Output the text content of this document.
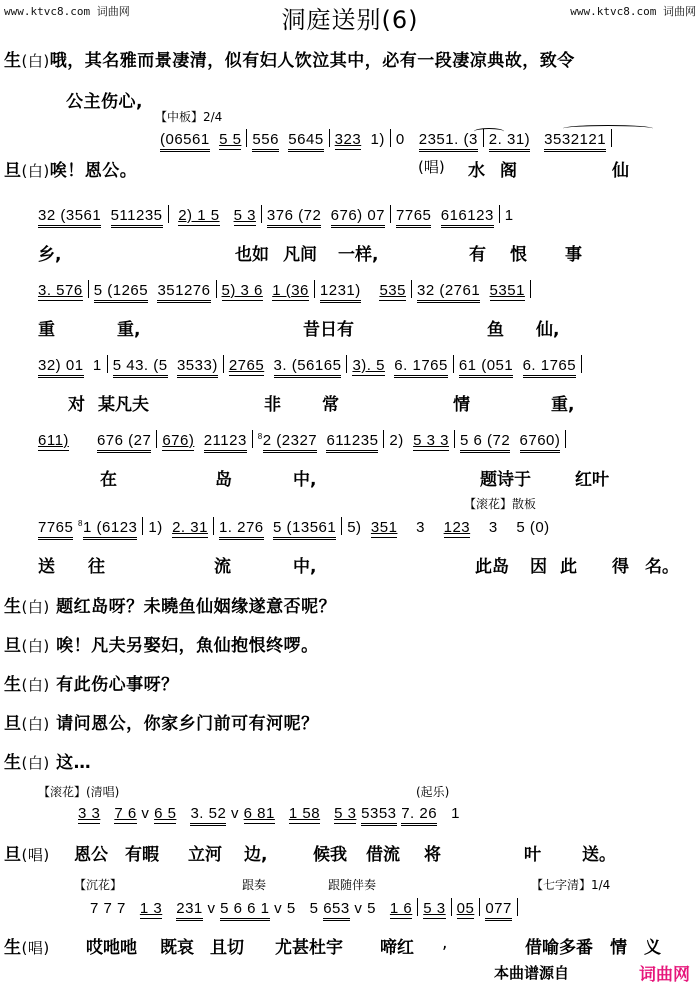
www.ktvc8.com 词曲网	洞庭送别(6)	www.ktvc8.com 词曲网
生(白)哦，其名雅而景凄清，似有妇人饮泣其中，必有一段凄凉典故，致令
公主伤心,
【中板】2/4
(06561 5 5 556 5645 323  1) 0   2351. (3 2. 31) 3532121
旦(白)唉！恩公。	(唱) 水 阁	仙
32 (3561 511235 2) 1 5 5 3 376 (72 676) 07 7765 616123 1
乡,	也如 凡间 一样,	有 恨 事
3. 576 5 (1265 351276 5) 3 6 1 (36 1231) 535 32 (2761 5351
重	重,	昔日有	鱼 仙,
32) 01  1 5 43. (5 3533) 2765 3. (56165 3). 5 6. 1765 61 (051 6. 1765
对 某凡夫	非 常	情	重,
611) 676 (27 676) 21123 $^8$2 (2327 611235 2)  5 3 3 5 6 (72 6760)
在	岛	中,	题诗于	红叶
【滚花】散板
7765 $^8$1 (6123 1)  2. 31 1. 276 5 (13561 5)  351    3    123    3    5 (0)
送 往	流	中,	此岛 因 此 得 名。
生(白) 题红岛呀？未曉鱼仙姻缘遂意否呢？
旦(白) 唉！凡夫另娶妇，魚仙抱恨终啰。
生(白) 有此伤心事呀？
旦(白) 请问恩公，你家乡门前可有河呢？
生(白) 这…
【滚花】(清唱)	(起乐)
3 3 7 6 v 6 5 3. 52 v 6 81 1 58 5 3 5353 7. 26   1
旦(唱) 恩公 有暇 立河 边,	候我 借流 将	叶 送。
【沉花】	跟奏	跟随伴奏	【七字清】1/4
7 7 7   1 3 231 v 5 6 6 1 v 5   5 653 v 5   1 6 5 3 05 077
生(唱) 哎吔吔 既哀 且切 尤甚杜宇 啼红 ,	借喻多番 情 义
本曲谱源自	词曲网
